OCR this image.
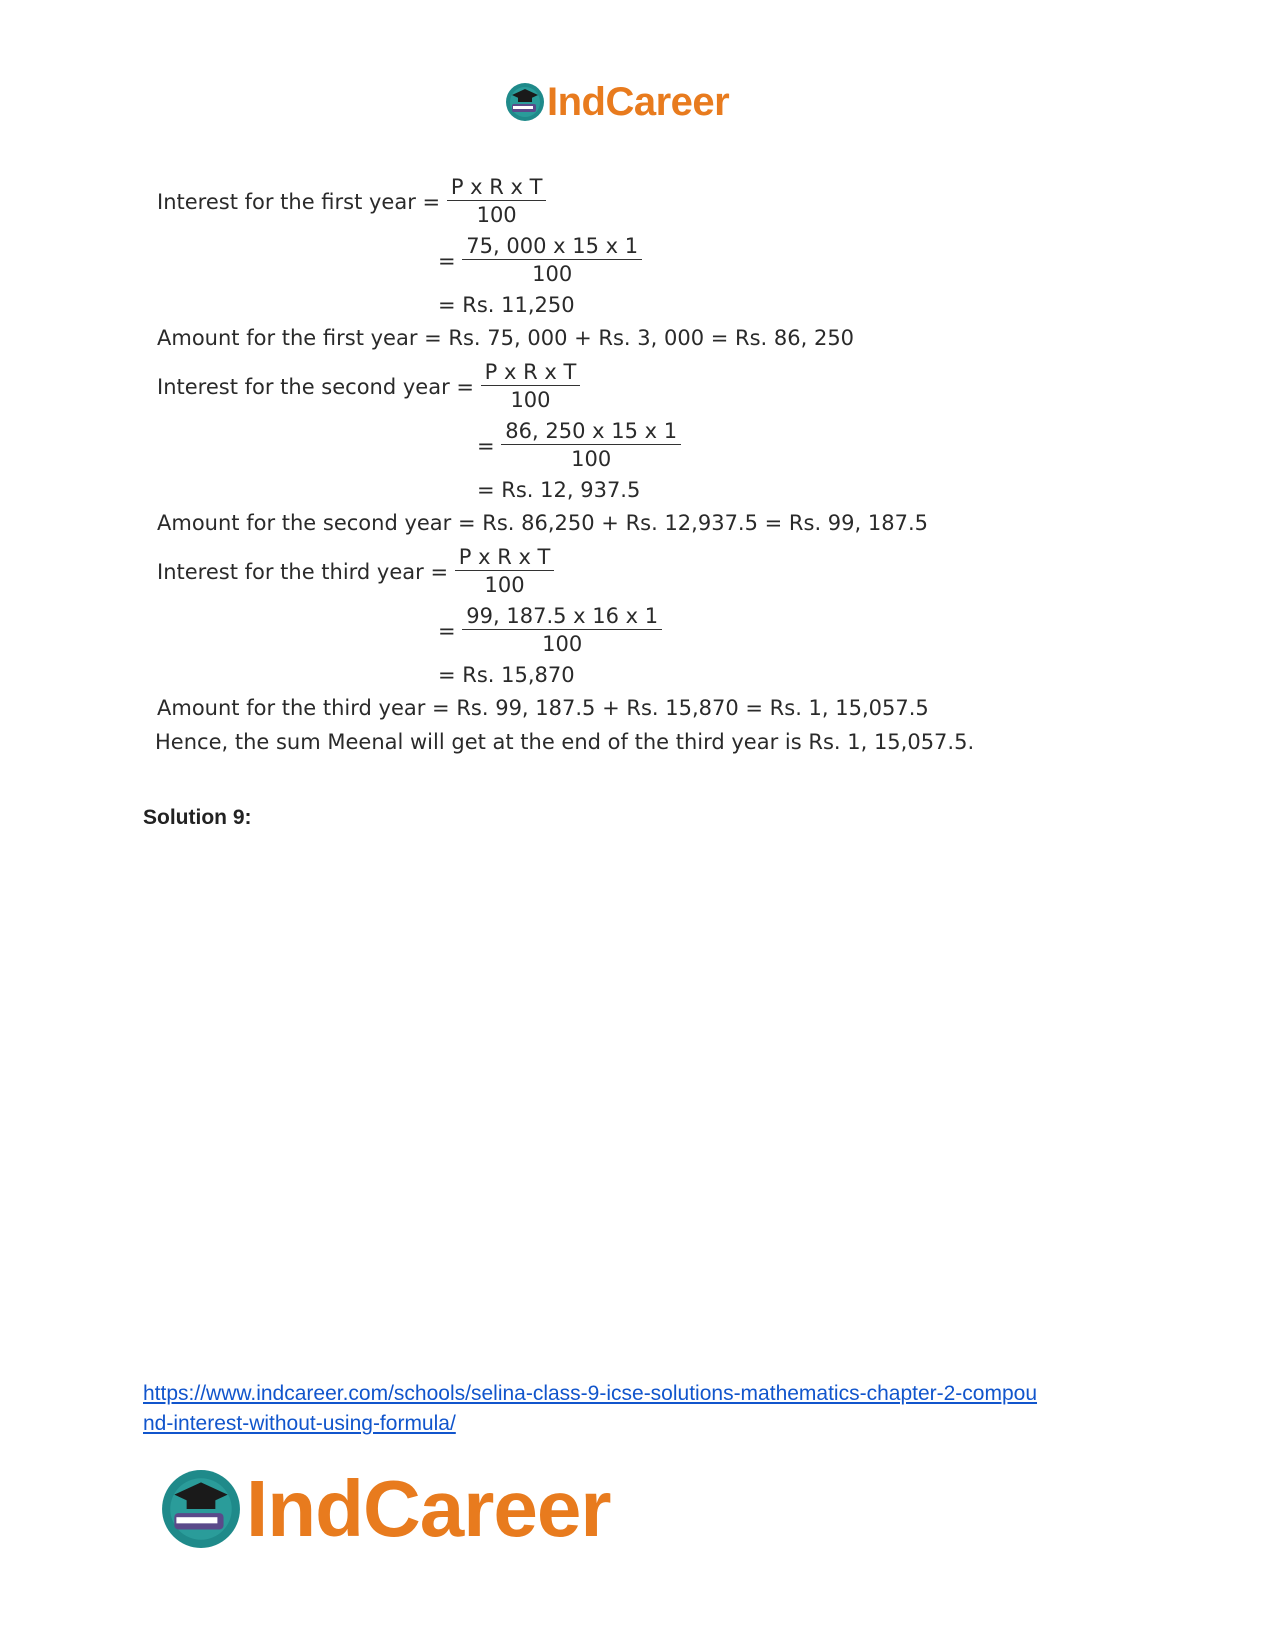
IndCareer
Interest for the first year = $\frac{\text{P x R x T}}{100}$
= $\frac{75, 000 x 15 x 1}{100}$
= Rs. 11,250
Amount for the first year = Rs. 75, 000 + Rs. 3, 000 = Rs. 86, 250
Interest for the second year = $\frac{\text{P x R x T}}{100}$
= $\frac{86, 250 x 15 x 1}{100}$
= Rs. 12, 937.5
Amount for the second year = Rs. 86,250 + Rs. 12,937.5 = Rs. 99, 187.5
Interest for the third year = $\frac{\text{P x R x T}}{100}$
= $\frac{99, 187.5 x 16 x 1}{100}$
= Rs. 15,870
Amount for the third year = Rs. 99, 187.5 + Rs. 15,870 = Rs. 1, 15,057.5
Hence, the sum Meenal will get at the end of the third year is Rs. 1, 15,057.5.
Solution 9:
https://www.indcareer.com/schools/selina-class-9-icse-solutions-mathematics-chapter-2-compou
nd-interest-without-using-formula/
IndCareer
